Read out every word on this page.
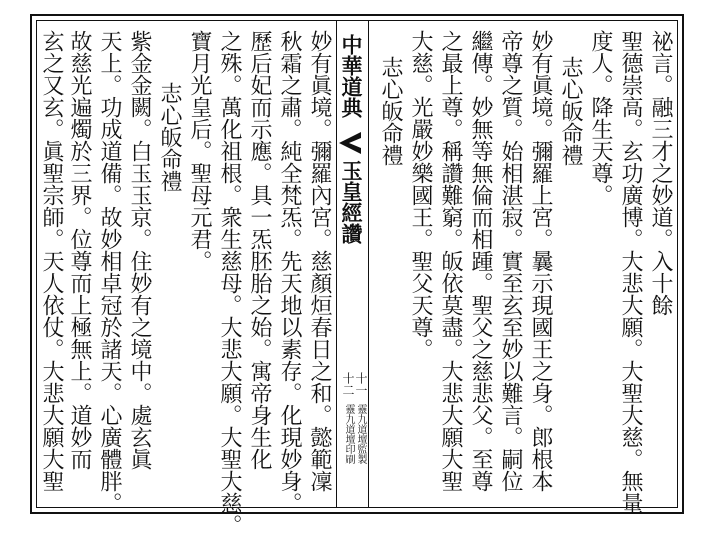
中華道典
玉皇經讚
十二 十一
靈九道壇印刷 靈九道壇監製
祕言。融三才之妙道。入十餘
聖德崇高。玄功廣博。大悲大願。大聖大慈。無量
度人。降生天尊。
志心皈命禮
妙有眞境。彌羅上宮。曩示現國王之身。郎根本
帝尊之質。始相湛寂。實至玄至妙以難言。嗣位
繼傳。妙無等無倫而相踵。聖父之慈悲父。至尊
之最上尊。稱讚難窮。皈依莫盡。大悲大願大聖
大慈。光嚴妙樂國王。聖父天尊。
志心皈命禮
妙有眞境。彌羅內宮。慈顏烜春日之和。懿範凜
秋霜之肅。純全梵炁。先天地以素存。化現妙身。
歷后妃而示應。具一炁胚胎之始。寓帝身生化
之殊。萬化祖根。衆生慈母。大悲大願。大聖大慈。
寶月光皇后。聖母元君。
志心皈命禮
紫金金闕。白玉玉京。住妙有之境中。處玄眞
天上。功成道備。故妙相卓冠於諸天。心廣體胖。
故慈光遍燭於三界。位尊而上極無上。道妙而
玄之又玄。眞聖宗師。天人依仗。大悲大願大聖
